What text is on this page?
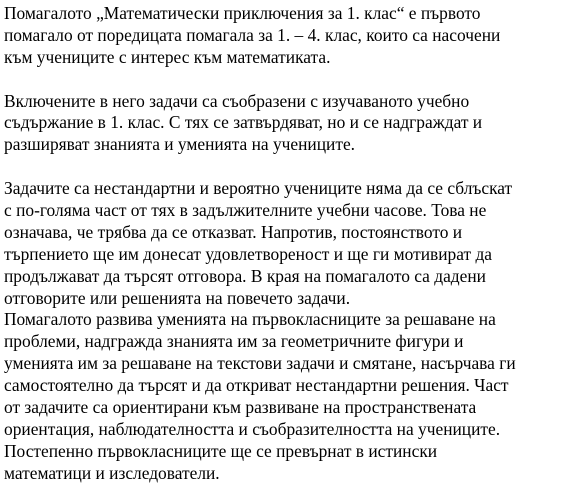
Помагалото „Математически приключения за 1. клас“ е първото
помагало от поредицата помагала за 1. – 4. клас, които са насочени
към учениците с интерес към математиката.
Включените в него задачи са съобразени с изучаваното учебно
съдържание в 1. клас. С тях се затвърдяват, но и се надграждат и
разширяват знанията и уменията на учениците.
Задачите са нестандартни и вероятно учениците няма да се сблъскат
с по-голяма част от тях в задължителните учебни часове. Това не
означава, че трябва да се отказват. Напротив, постоянството и
търпението ще им донесат удовлетвореност и ще ги мотивират да
продължават да търсят отговора. В края на помагалото са дадени
отговорите или решенията на повечето задачи.
Помагалото развива уменията на първокласниците за решаване на
проблеми, надгражда знанията им за геометричните фигури и
уменията им за решаване на текстови задачи и смятане, насърчава ги
самостоятелно да търсят и да откриват нестандартни решения. Част
от задачите са ориентирани към развиване на пространствената
ориентация, наблюдателността и съобразителността на учениците.
Постепенно първокласниците ще се превърнат в истински
математици и изследователи.
